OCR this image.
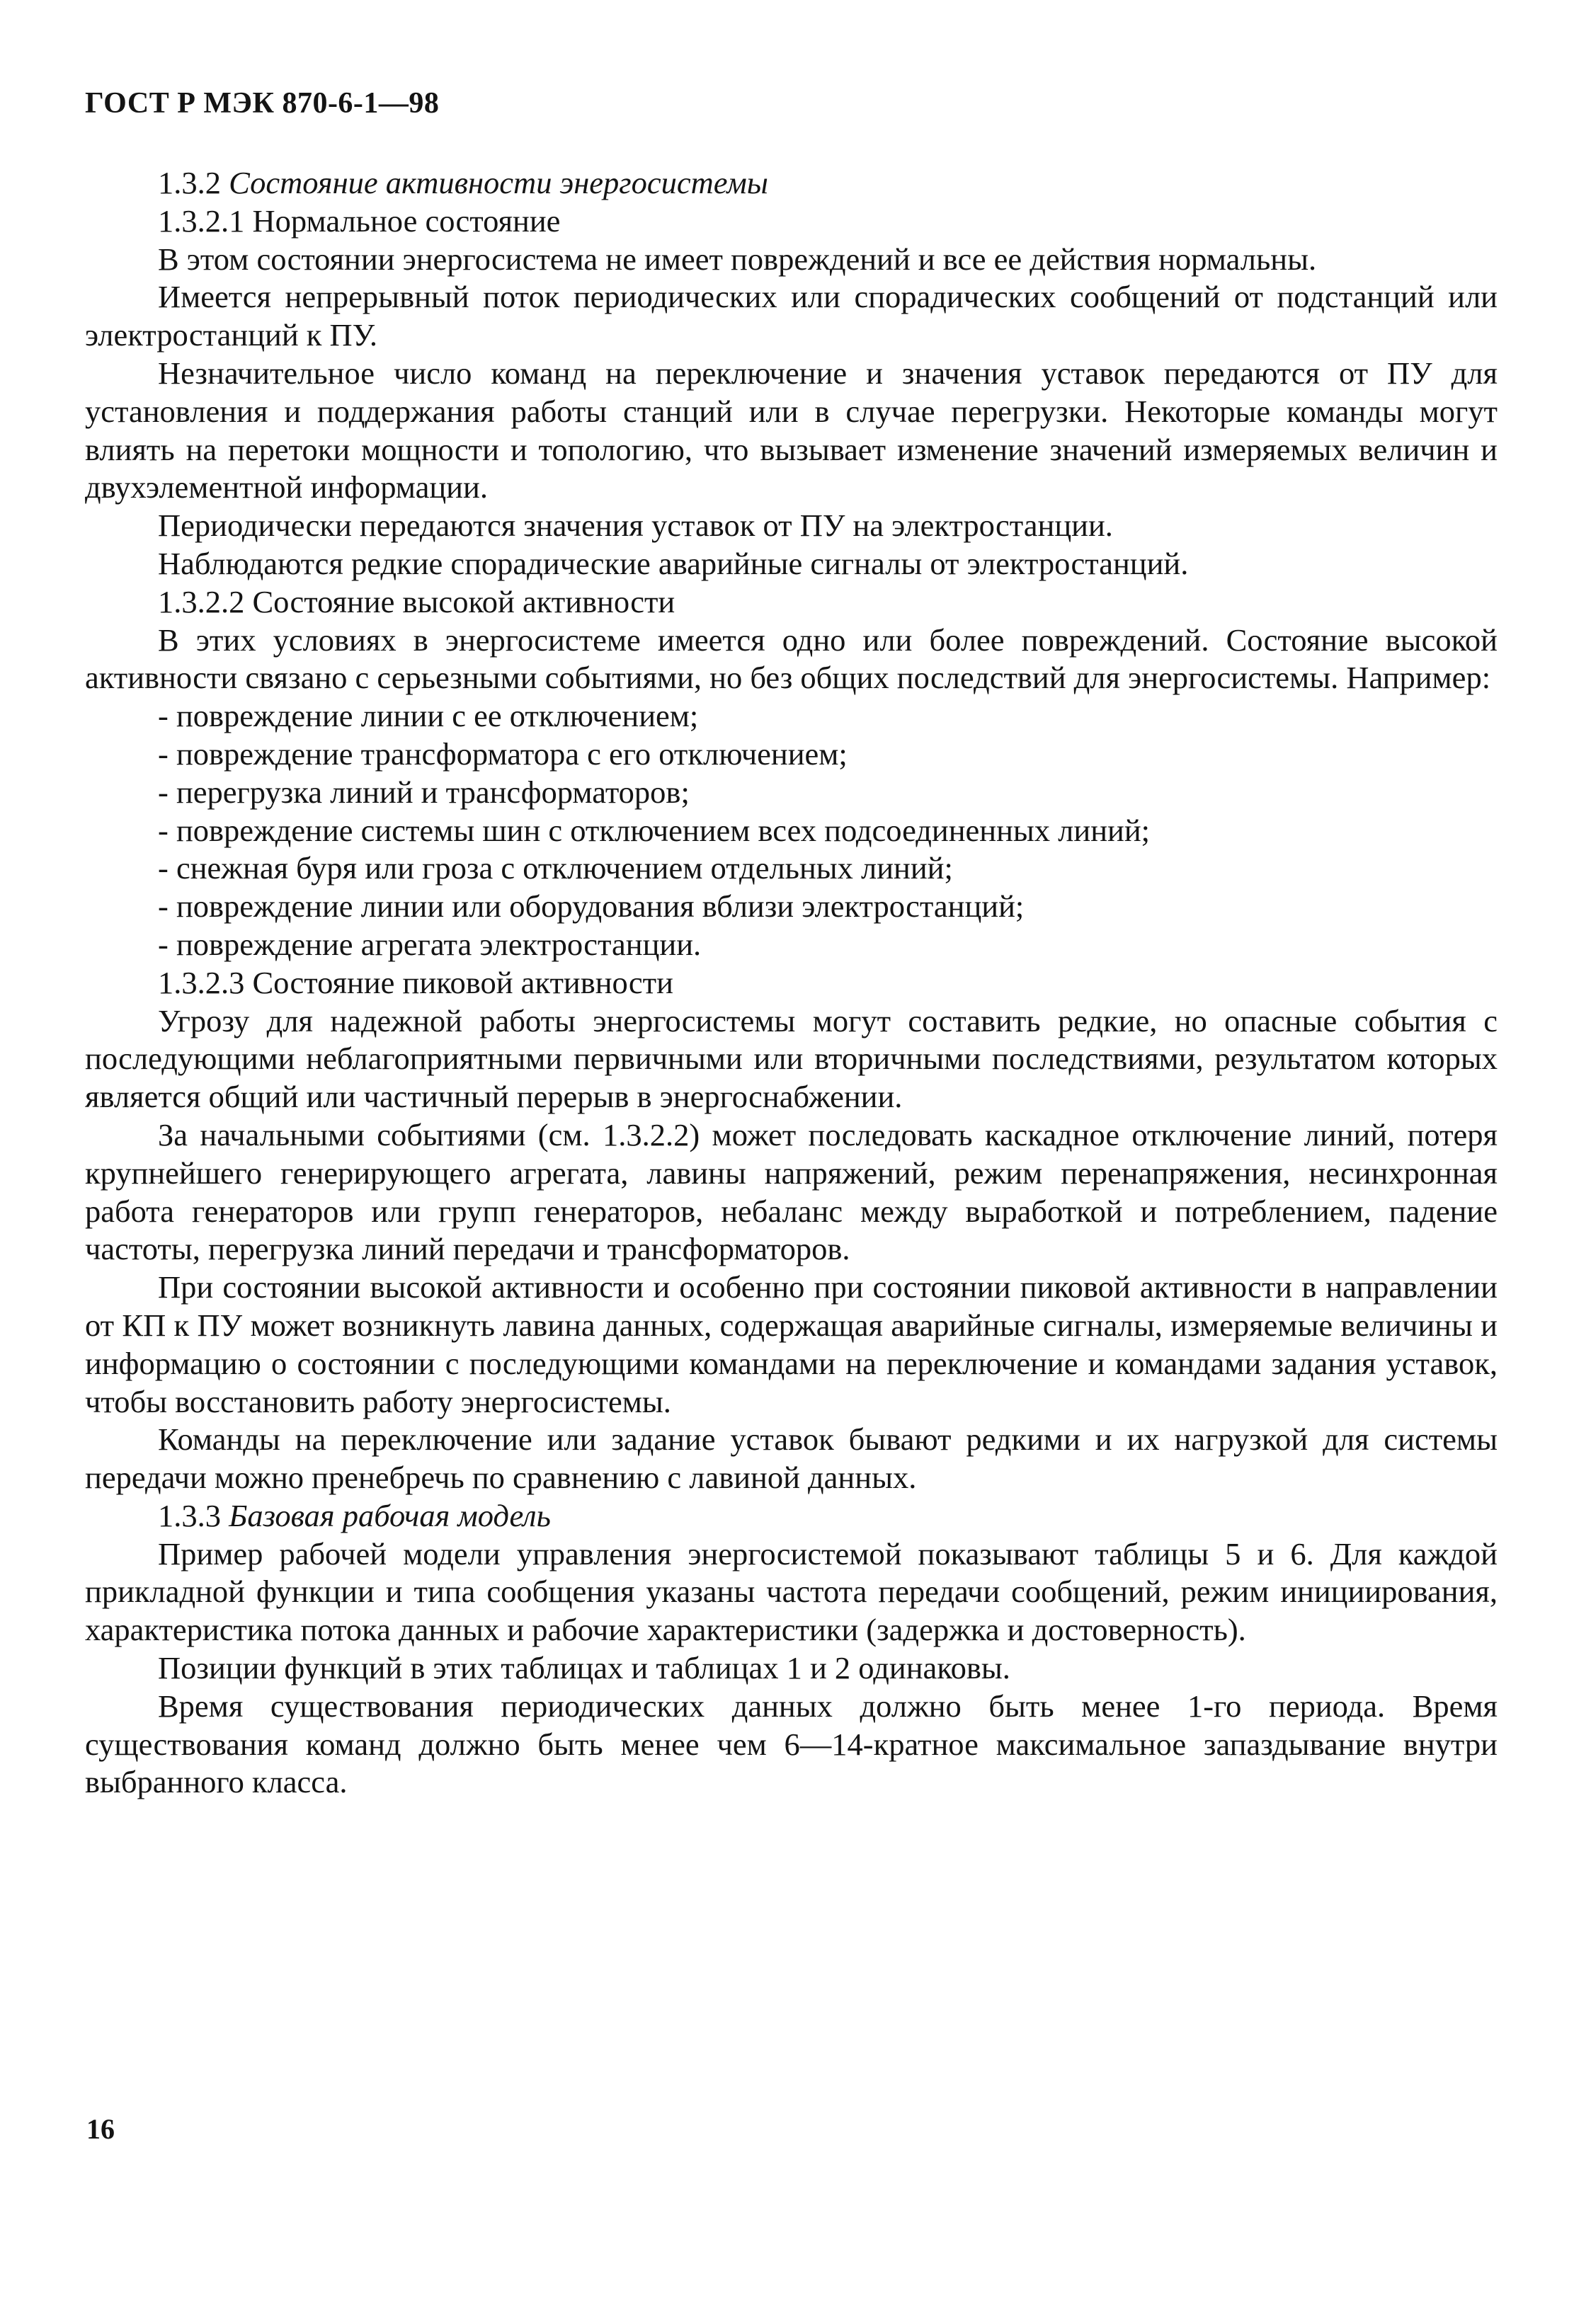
ГОСТ Р МЭК 870-6-1—98

1.3.2 Состояние активности энергосистемы

1.3.2.1 Нормальное состояние

В этом состоянии энергосистема не имеет повреждений и все ее действия нормальны.

Имеется непрерывный поток периодических или спорадических сообщений от подстанций или электростанций к ПУ.

Незначительное число команд на переключение и значения уставок передаются от ПУ для установления и поддержания работы станций или в случае перегрузки. Некоторые команды могут влиять на перетоки мощности и топологию, что вызывает изменение значений измеряемых величин и двухэлементной информации.

Периодически передаются значения уставок от ПУ на электростанции.

Наблюдаются редкие спорадические аварийные сигналы от электростанций.

1.3.2.2 Состояние высокой активности

В этих условиях в энергосистеме имеется одно или более повреждений. Состояние высокой активности связано с серьезными событиями, но без общих последствий для энергосистемы. Например:

- повреждение линии с ее отключением;

- повреждение трансформатора с его отключением;

- перегрузка линий и трансформаторов;

- повреждение системы шин с отключением всех подсоединенных линий;

- снежная буря или гроза с отключением отдельных линий;

- повреждение линии или оборудования вблизи электростанций;

- повреждение агрегата электростанции.

1.3.2.3 Состояние пиковой активности

Угрозу для надежной работы энергосистемы могут составить редкие, но опасные события с последующими неблагоприятными первичными или вторичными последствиями, результатом которых является общий или частичный перерыв в энергоснабжении.

За начальными событиями (см. 1.3.2.2) может последовать каскадное отключение линий, потеря крупнейшего генерирующего агрегата, лавины напряжений, режим перенапряжения, несинхронная работа генераторов или групп генераторов, небаланс между выработкой и потреблением, падение частоты, перегрузка линий передачи и трансформаторов.

При состоянии высокой активности и особенно при состоянии пиковой активности в направлении от КП к ПУ может возникнуть лавина данных, содержащая аварийные сигналы, измеряемые величины и информацию о состоянии с последующими командами на переключение и командами задания уставок, чтобы восстановить работу энергосистемы.

Команды на переключение или задание уставок бывают редкими и их нагрузкой для системы передачи можно пренебречь по сравнению с лавиной данных.

1.3.3 Базовая рабочая модель

Пример рабочей модели управления энергосистемой показывают таблицы 5 и 6. Для каждой прикладной функции и типа сообщения указаны частота передачи сообщений, режим инициирования, характеристика потока данных и рабочие характеристики (задержка и достоверность).

Позиции функций в этих таблицах и таблицах 1 и 2 одинаковы.

Время существования периодических данных должно быть менее 1-го периода. Время существования команд должно быть менее чем 6—14-кратное максимальное запаздывание внутри выбранного класса.

16
